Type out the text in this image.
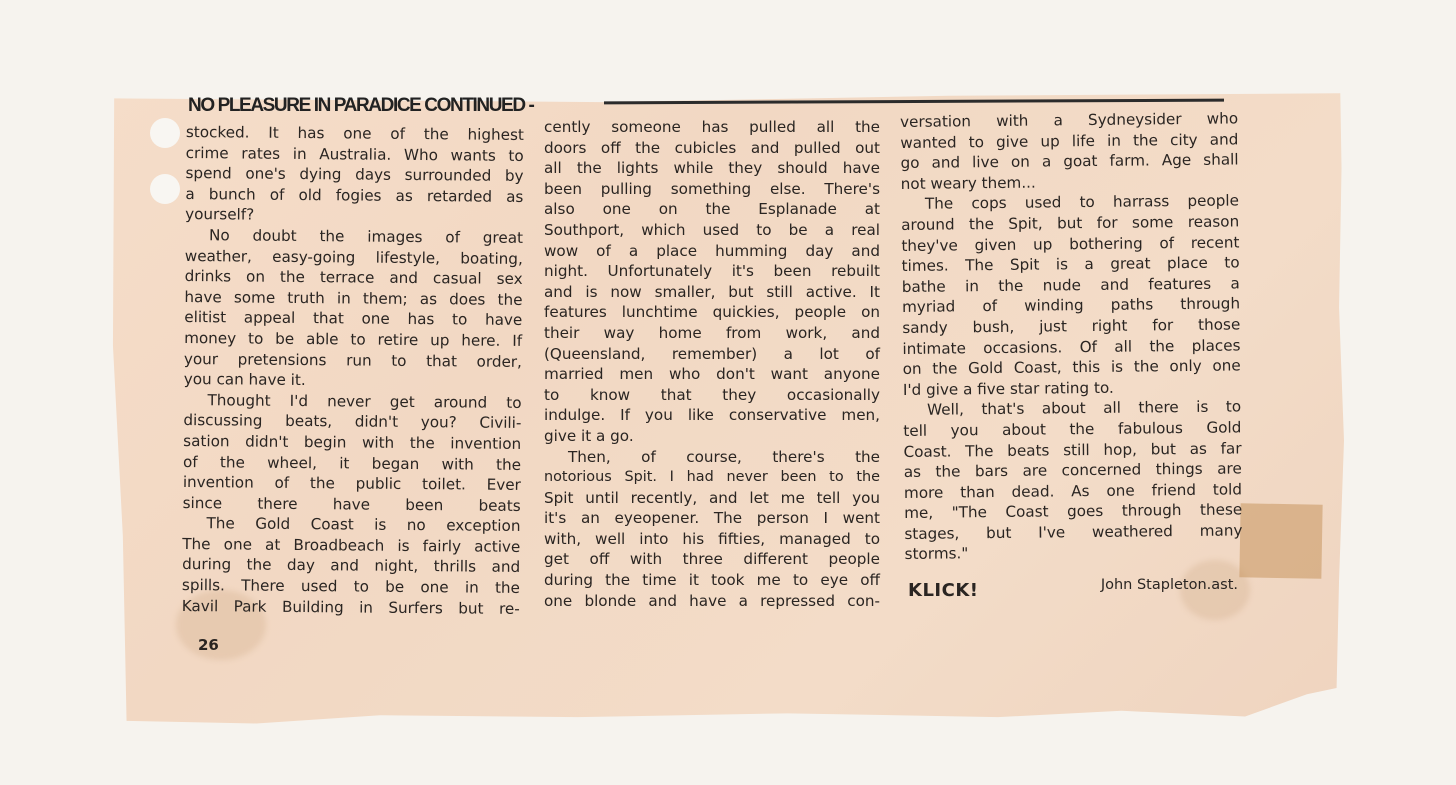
NO PLEASURE IN PARADICE CONTINUED -
stocked. It has one of the highest
crime rates in Australia. Who wants to
spend one's dying days surrounded by
a bunch of old fogies as retarded as
yourself?
No doubt the images of great
weather, easy-going lifestyle, boating,
drinks on the terrace and casual sex
have some truth in them; as does the
elitist appeal that one has to have
money to be able to retire up here. If
your pretensions run to that order,
you can have it.
Thought I'd never get around to
discussing beats, didn't you? Civili-
sation didn't begin with the invention
of the wheel, it began with the
invention of the public toilet. Ever
since there have been beats
The Gold Coast is no exception
The one at Broadbeach is fairly active
during the day and night, thrills and
spills. There used to be one in the
Kavil Park Building in Surfers but re-
cently someone has pulled all the
doors off the cubicles and pulled out
all the lights while they should have
been pulling something else. There's
also one on the Esplanade at
Southport, which used to be a real
wow of a place humming day and
night. Unfortunately it's been rebuilt
and is now smaller, but still active. It
features lunchtime quickies, people on
their way home from work, and
(Queensland, remember) a lot of
married men who don't want anyone
to know that they occasionally
indulge. If you like conservative men,
give it a go.
Then, of course, there's the
notorious Spit. I had never been to the
Spit until recently, and let me tell you
it's an eyeopener. The person I went
with, well into his fifties, managed to
get off with three different people
during the time it took me to eye off
one blonde and have a repressed con-
versation with a Sydneysider who
wanted to give up life in the city and
go and live on a goat farm. Age shall
not weary them...
The cops used to harrass people
around the Spit, but for some reason
they've given up bothering of recent
times. The Spit is a great place to
bathe in the nude and features a
myriad of winding paths through
sandy bush, just right for those
intimate occasions. Of all the places
on the Gold Coast, this is the only one
I'd give a five star rating to.
Well, that's about all there is to
tell you about the fabulous Gold
Coast. The beats still hop, but as far
as the bars are concerned things are
more than dead. As one friend told
me, "The Coast goes through these
stages, but I've weathered many
storms."
KLICK!	John Stapleton.ast.
26
